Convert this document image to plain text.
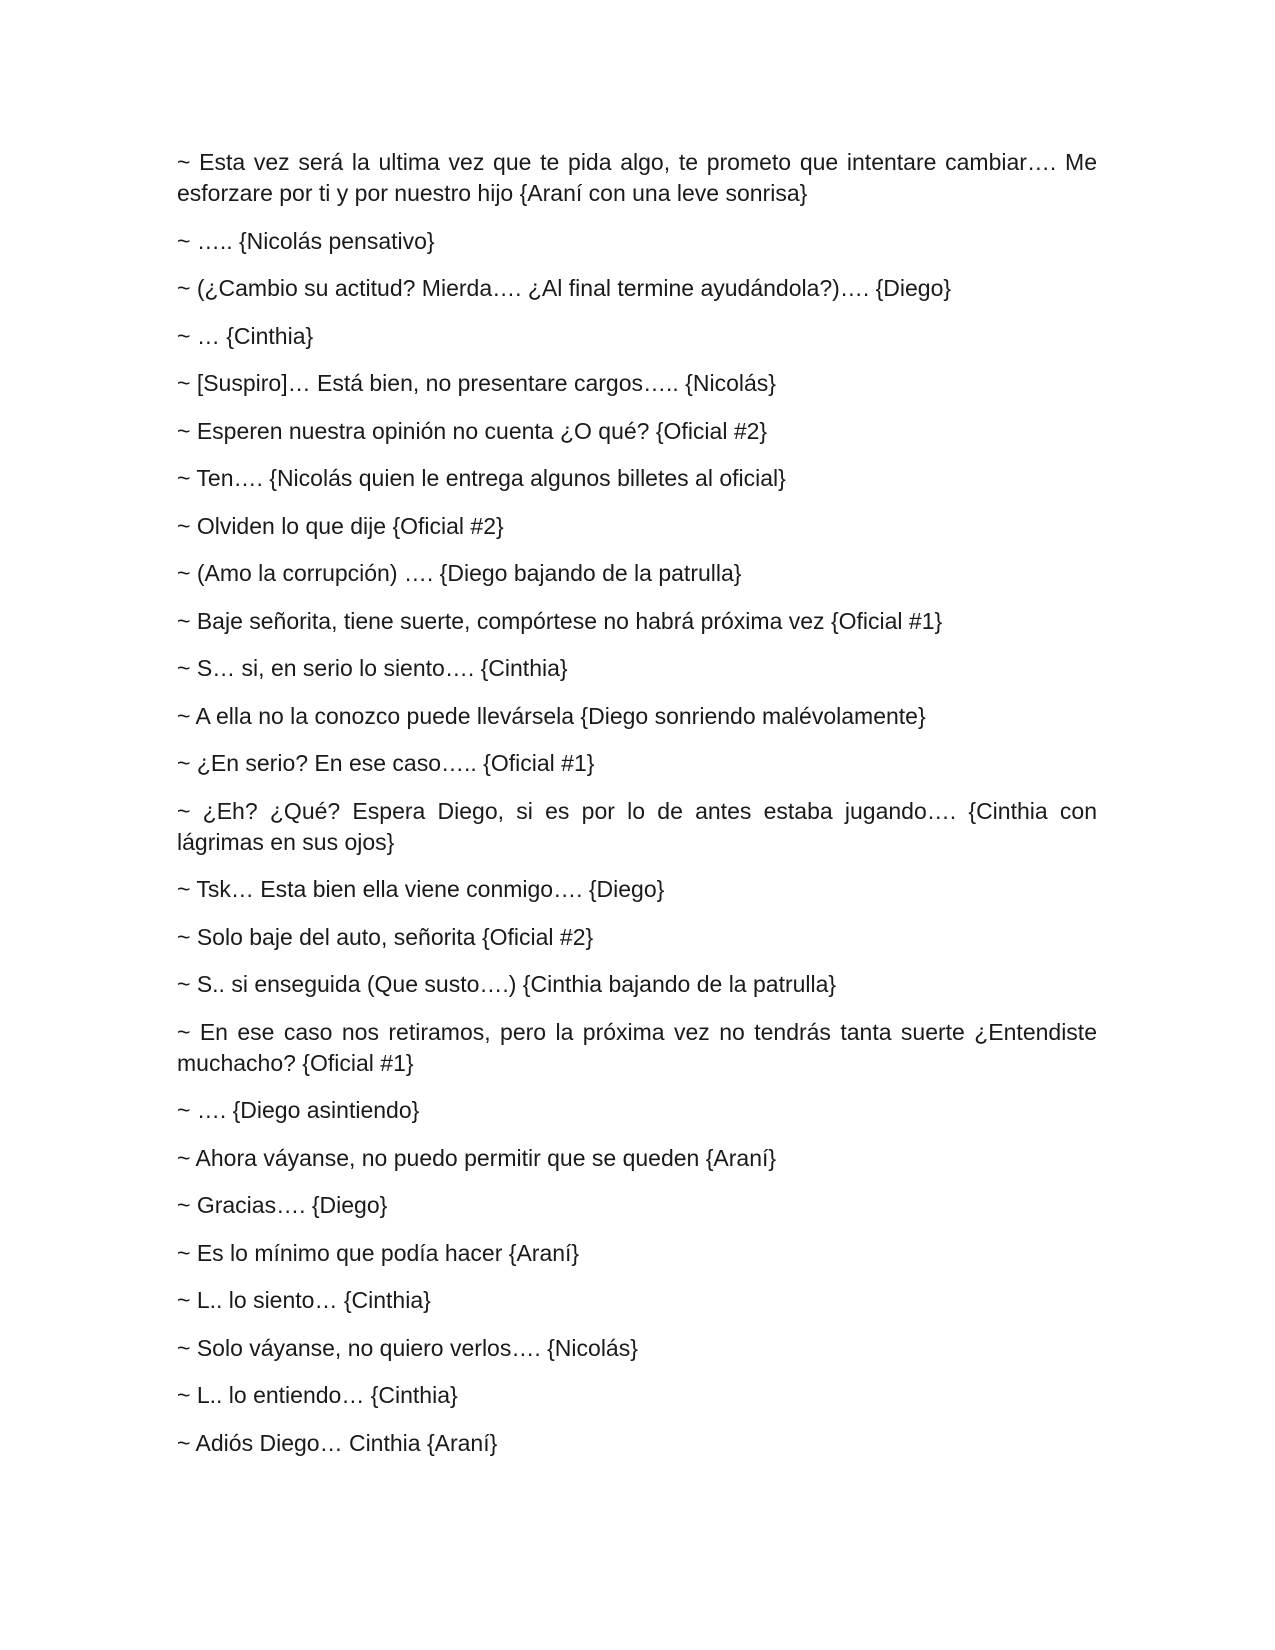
~ Esta vez será la ultima vez que te pida algo, te prometo que intentare cambiar…. Me esforzare por ti y por nuestro hijo {Araní con una leve sonrisa}

~ ….. {Nicolás pensativo}

~ (¿Cambio su actitud? Mierda…. ¿Al final termine ayudándola?)…. {Diego}

~ … {Cinthia}

~ [Suspiro]… Está bien, no presentare cargos….. {Nicolás}

~ Esperen nuestra opinión no cuenta ¿O qué? {Oficial #2}

~ Ten…. {Nicolás quien le entrega algunos billetes al oficial}

~ Olviden lo que dije {Oficial #2}

~ (Amo la corrupción) …. {Diego bajando de la patrulla}

~ Baje señorita, tiene suerte, compórtese no habrá próxima vez {Oficial #1}

~ S… si, en serio lo siento…. {Cinthia}

~ A ella no la conozco puede llevársela {Diego sonriendo malévolamente}

~ ¿En serio? En ese caso….. {Oficial #1}

~ ¿Eh? ¿Qué? Espera Diego, si es por lo de antes estaba jugando…. {Cinthia con lágrimas en sus ojos}

~ Tsk… Esta bien ella viene conmigo…. {Diego}

~ Solo baje del auto, señorita {Oficial #2}

~ S.. si enseguida (Que susto….) {Cinthia bajando de la patrulla}

~ En ese caso nos retiramos, pero la próxima vez no tendrás tanta suerte ¿Entendiste muchacho? {Oficial #1}

~ …. {Diego asintiendo}

~ Ahora váyanse, no puedo permitir que se queden {Araní}

~ Gracias…. {Diego}

~ Es lo mínimo que podía hacer {Araní}

~ L.. lo siento… {Cinthia}

~ Solo váyanse, no quiero verlos…. {Nicolás}

~ L.. lo entiendo… {Cinthia}

~ Adiós Diego… Cinthia {Araní}
